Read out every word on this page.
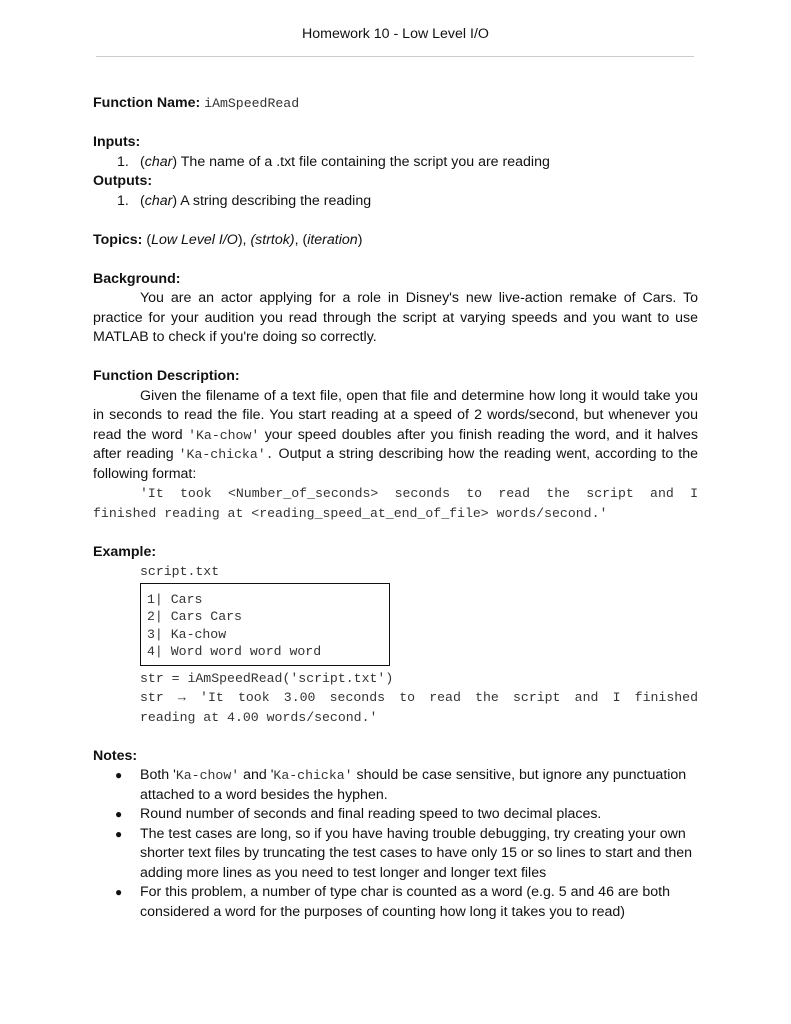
Homework 10 - Low Level I/O
Function Name: iAmSpeedRead
Inputs:
1. (char) The name of a .txt file containing the script you are reading
Outputs:
1. (char) A string describing the reading
Topics: (Low Level I/O), (strtok), (iteration)
Background:
You are an actor applying for a role in Disney's new live-action remake of Cars. To practice for your audition you read through the script at varying speeds and you want to use MATLAB to check if you're doing so correctly.
Function Description:
Given the filename of a text file, open that file and determine how long it would take you in seconds to read the file. You start reading at a speed of 2 words/second, but whenever you read the word 'Ka-chow' your speed doubles after you finish reading the word, and it halves after reading 'Ka-chicka'. Output a string describing how the reading went, according to the following format:
'It took <Number_of_seconds> seconds to read the script and I
finished reading at <reading_speed_at_end_of_file> words/second.'
Example:
script.txt
1| Cars
2| Cars Cars
3| Ka-chow
4| Word word word word
str = iAmSpeedRead('script.txt')
str → 'It took 3.00 seconds to read the script and I finished
reading at 4.00 words/second.'
Notes:
● Both 'Ka-chow' and 'Ka-chicka' should be case sensitive, but ignore any punctuation attached to a word besides the hyphen.
● Round number of seconds and final reading speed to two decimal places.
● The test cases are long, so if you have having trouble debugging, try creating your own shorter text files by truncating the test cases to have only 15 or so lines to start and then adding more lines as you need to test longer and longer text files
● For this problem, a number of type char is counted as a word (e.g. 5 and 46 are both considered a word for the purposes of counting how long it takes you to read)
